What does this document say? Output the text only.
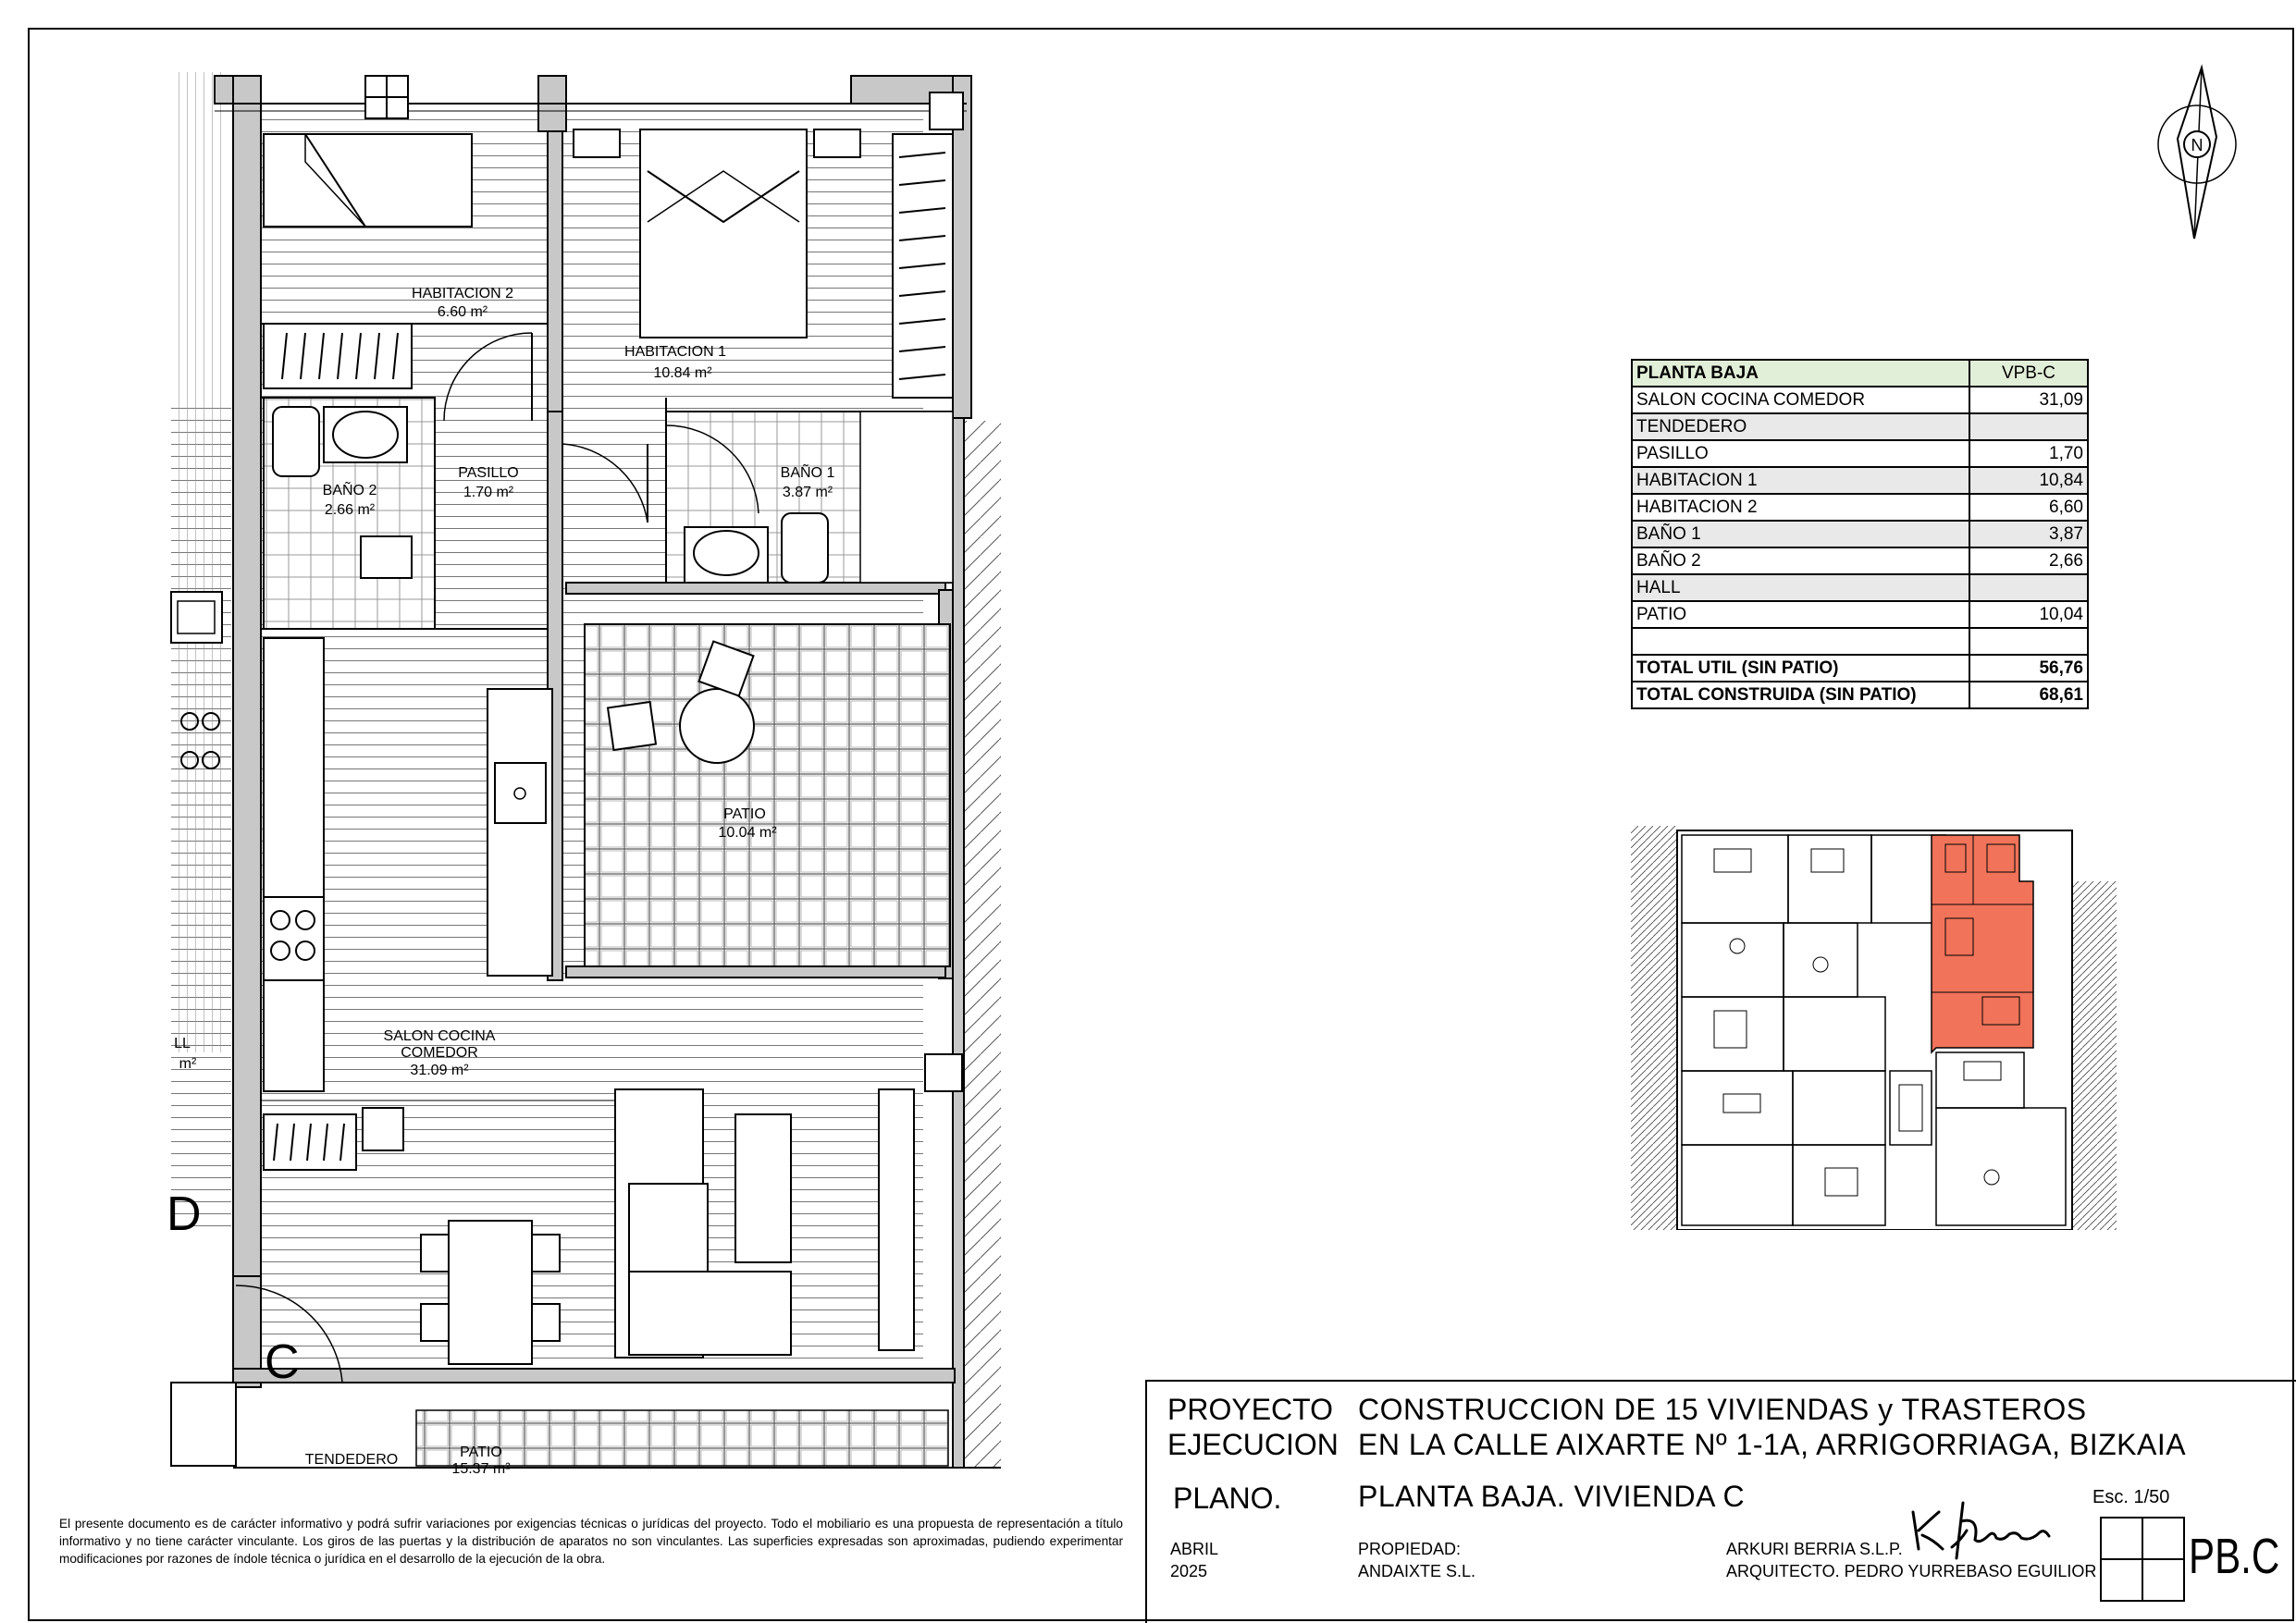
HABITACION 2
6.60 m²
HABITACION 1
10.84 m²
BAÑO 2
2.66 m²
PASILLO
1.70 m²
BAÑO 1
3.87 m²
PATIO
10.04 m²
SALON COCINA
COMEDOR
31.09 m²
TENDEDERO	PATIO
15.37 m²
LL
m²
C
D
N
PLANTA BAJA	VPB-C
SALON COCINA COMEDOR	31,09
TENDEDERO	
PASILLO	1,70
HABITACION 1	10,84
HABITACION 2	6,60
BAÑO 1	3,87
BAÑO 2	2,66
HALL	
PATIO	10,04

TOTAL UTIL (SIN PATIO)	56,76
TOTAL CONSTRUIDA (SIN PATIO)	68,61
El presente documento es de carácter informativo y podrá sufrir variaciones por exigencias técnicas o jurídicas del proyecto. Todo el mobiliario es una propuesta de representación a título informativo y no tiene carácter vinculante. Los giros de las puertas y la distribución de aparatos no son vinculantes. Las superficies expresadas son aproximadas, pudiendo experimentar modificaciones por razones de índole técnica o jurídica en el desarrollo de la ejecución de la obra.
PROYECTO
EJECUCION
CONSTRUCCION DE 15 VIVIENDAS y TRASTEROS
EN LA CALLE AIXARTE Nº 1-1A, ARRIGORRIAGA, BIZKAIA
PLANO.	PLANTA BAJA. VIVIENDA C
ABRIL
2025
PROPIEDAD:
ANDAIXTE S.L.
ARKURI BERRIA S.L.P.
ARQUITECTO. PEDRO YURREBASO EGUILIOR
Esc. 1/50
PB.C
